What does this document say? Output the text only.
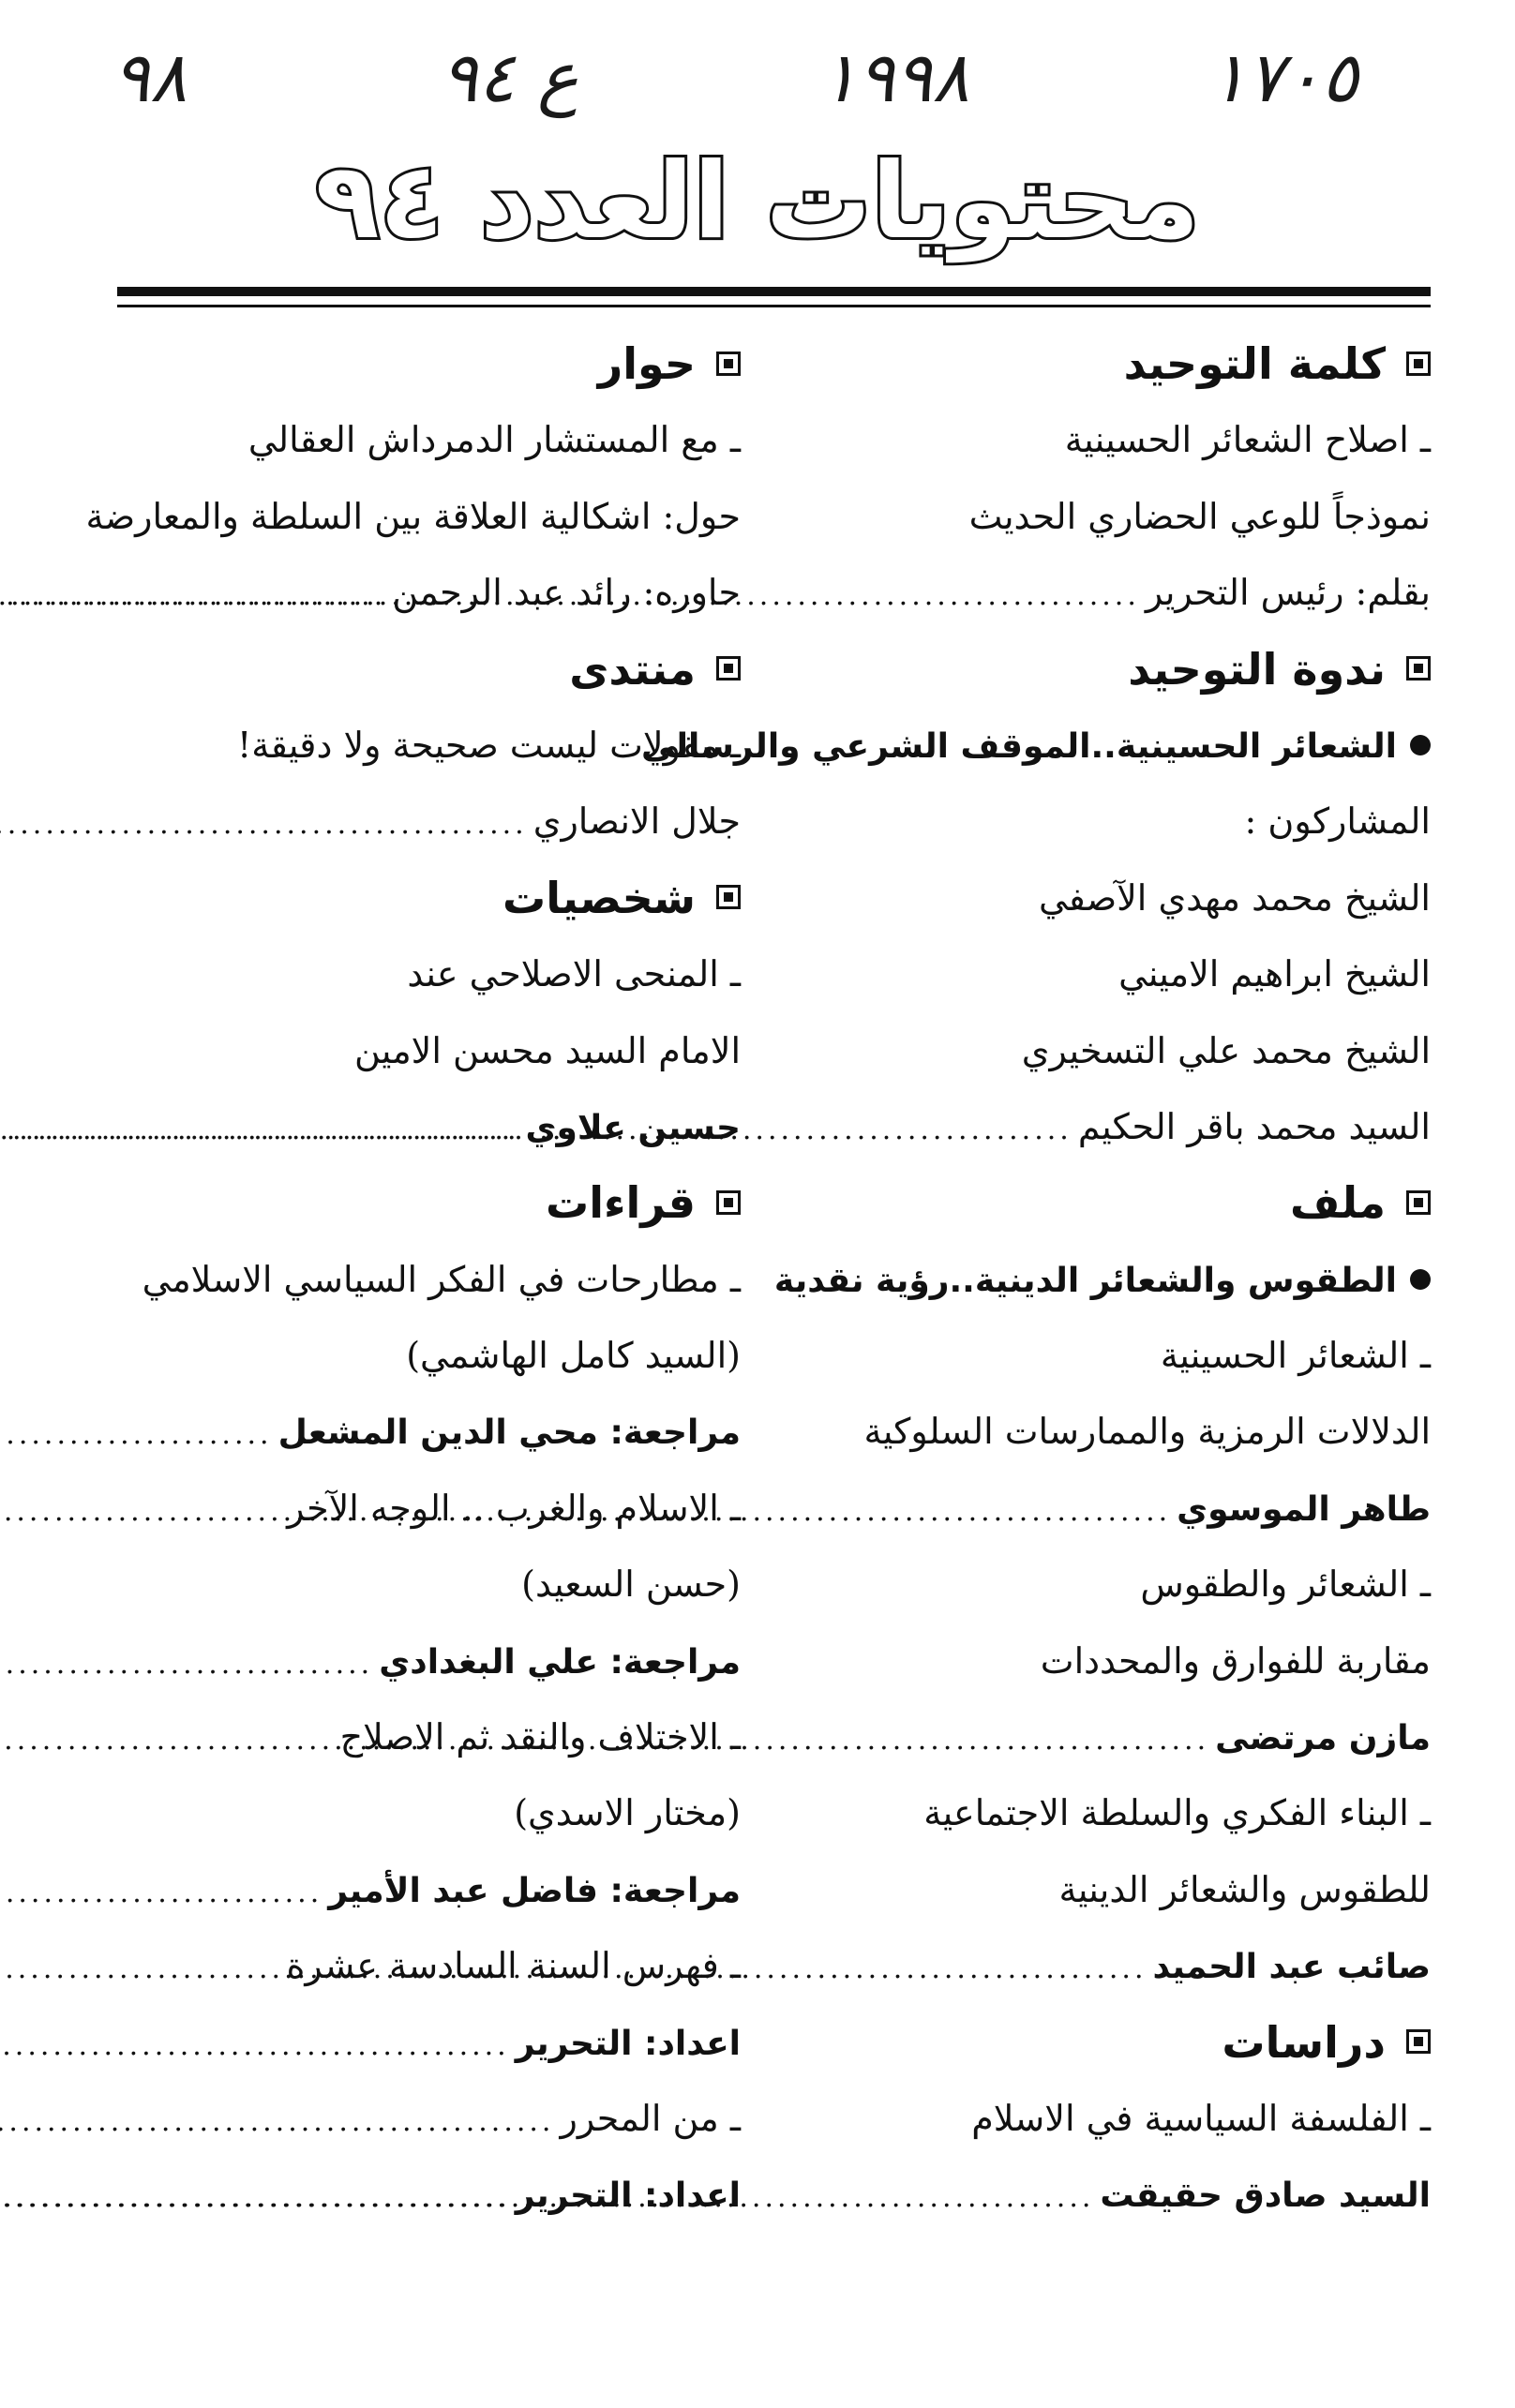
٩٨	ع ٩٤	١٩٩٨	١٧٠٥
محتويات العدد ٩٤
كلمة التوحيد
ـ اصلاح الشعائر الحسينية
نموذجاً للوعي الحضاري الحديث
بقلم: رئيس التحرير
.....
ندوة التوحيد
الشعائر الحسينية..الموقف الشرعي والرسالي
المشاركون :
الشيخ محمد مهدي الآصفي
الشيخ ابراهيم الاميني
الشيخ محمد علي التسخيري
السيد محمد باقر الحكيم
.....
ملف
الطقوس والشعائر الدينية..رؤية نقدية
ـ الشعائر الحسينية
الدلالات الرمزية والممارسات السلوكية
طاهر الموسوي
.....
ـ الشعائر والطقوس
مقاربة للفوارق والمحددات
مازن مرتضى
.....
ـ البناء الفكري والسلطة الاجتماعية
للطقوس والشعائر الدينية
صائب عبد الحميد
.....
دراسات
ـ الفلسفة السياسية في الاسلام
السيد صادق حقيقت
.....
حوار
ـ مع المستشار الدمرداش العقالي
حول: اشكالية العلاقة بين السلطة والمعارضة
حاوره: رائد عبد الرحمن
.....
منتدى
ـ مقولات ليست صحيحة ولا دقيقة!
جلال الانصاري
.....
شخصيات
ـ المنحى الاصلاحي عند
الامام السيد محسن الامين
حسين علاوي
.....
قراءات
ـ مطارحات في الفكر السياسي الاسلامي
(السيد كامل الهاشمي)
مراجعة: محي الدين المشعل
.....
ـ الاسلام والغرب .. الوجه الآخر
(حسن السعيد)
مراجعة: علي البغدادي
.....
ـ الاختلاف والنقد ثم الاصلاح
(مختار الاسدي)
مراجعة: فاضل عبد الأمير
.....
ـ فهرس السنة السادسة عشرة
اعداد: التحرير
.....
ـ من المحرر
.....
اعداد: التحرير
.....
